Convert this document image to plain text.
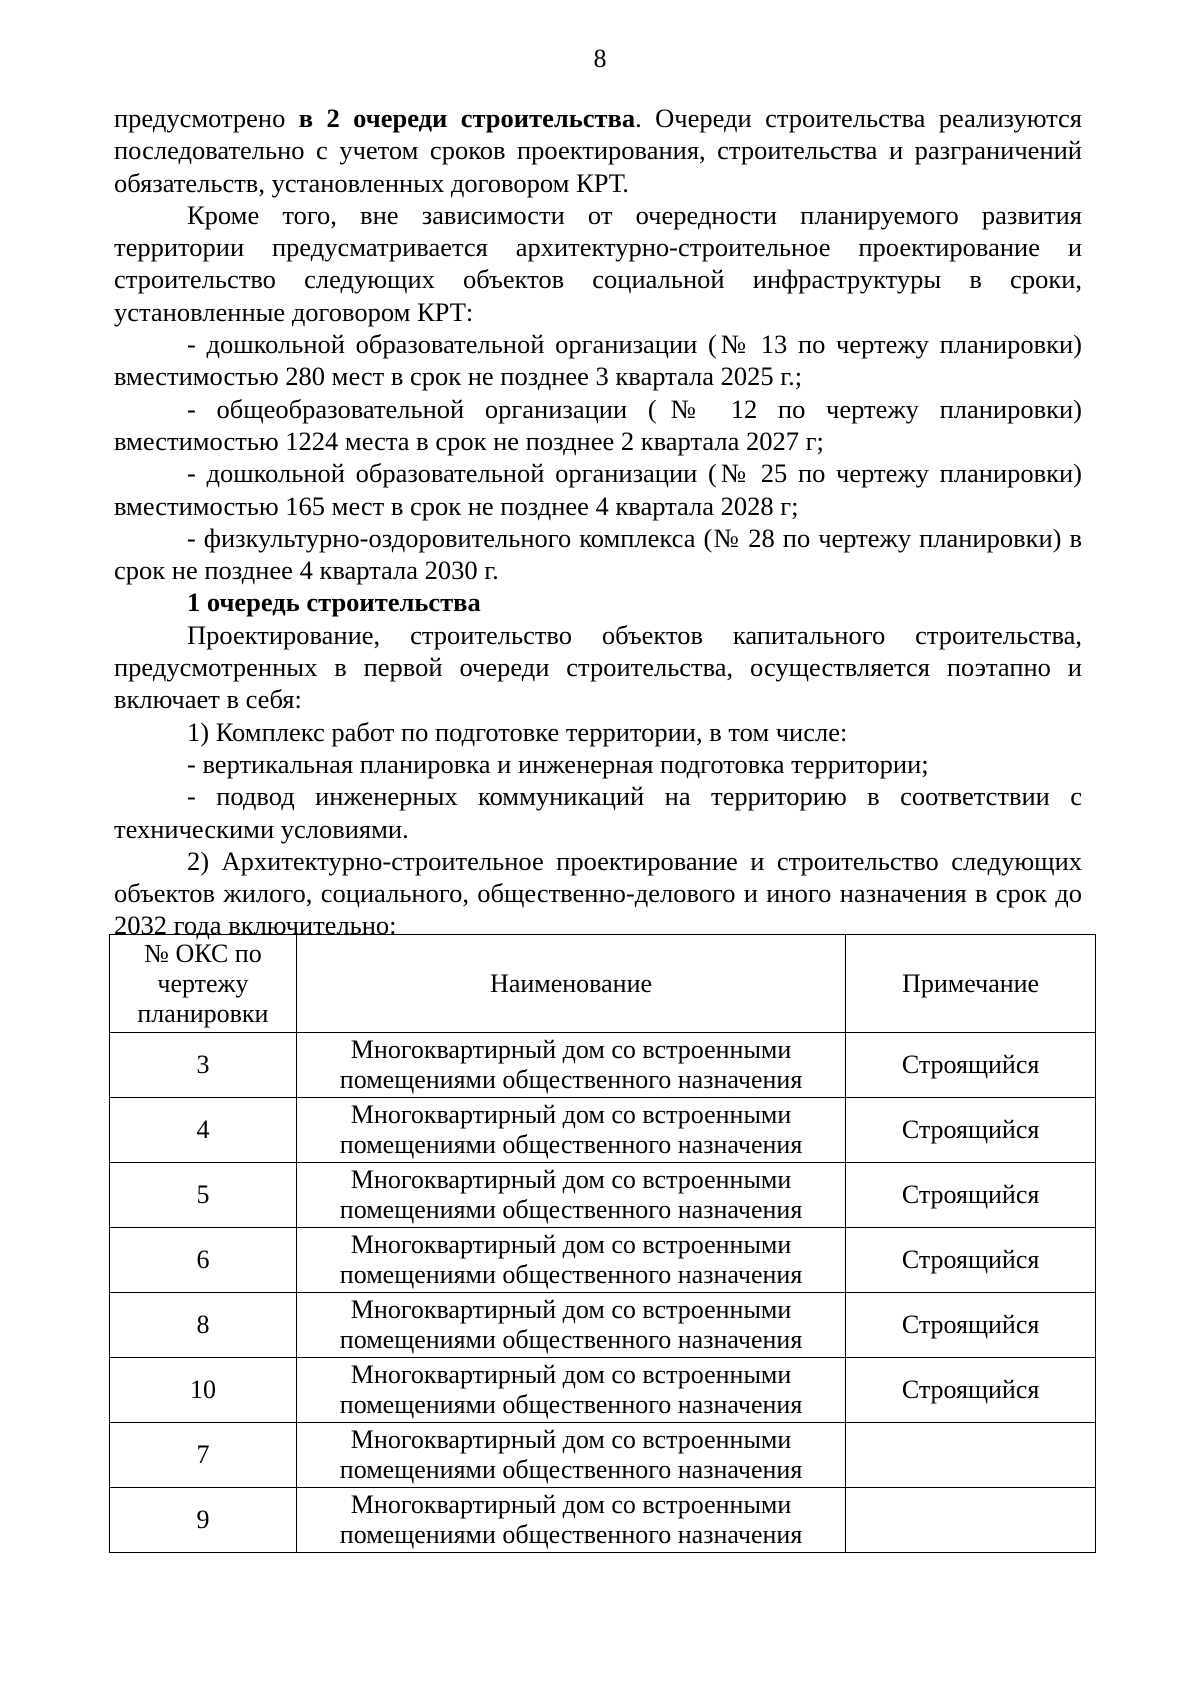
8

предусмотрено в 2 очереди строительства. Очереди строительства реализуются последовательно с учетом сроков проектирования, строительства и разграничений обязательств, установленных договором КРТ.

Кроме того, вне зависимости от очередности планируемого развития территории предусматривается архитектурно-строительное проектирование и строительство следующих объектов социальной инфраструктуры в сроки, установленные договором КРТ:

- дошкольной образовательной организации (№ 13 по чертежу планировки) вместимостью 280 мест в срок не позднее 3 квартала 2025 г.;

- общеобразовательной организации (№ 12 по чертежу планировки) вместимостью 1224 места в срок не позднее 2 квартала 2027 г;

- дошкольной образовательной организации (№ 25 по чертежу планировки) вместимостью 165 мест в срок не позднее 4 квартала 2028 г;

- физкультурно-оздоровительного комплекса (№ 28 по чертежу планировки) в срок не позднее 4 квартала 2030 г.

1 очередь строительства

Проектирование, строительство объектов капитального строительства, предусмотренных в первой очереди строительства, осуществляется поэтапно и включает в себя:

1) Комплекс работ по подготовке территории, в том числе:

- вертикальная планировка и инженерная подготовка территории;

- подвод инженерных коммуникаций на территорию в соответствии с техническими условиями.

2) Архитектурно-строительное проектирование и строительство следующих объектов жилого, социального, общественно-делового и иного назначения в срок до 2032 года включительно:

№ ОКС по чертежу планировки	Наименование	Примечание
3	Многоквартирный дом со встроенными помещениями общественного назначения	Строящийся
4	Многоквартирный дом со встроенными помещениями общественного назначения	Строящийся
5	Многоквартирный дом со встроенными помещениями общественного назначения	Строящийся
6	Многоквартирный дом со встроенными помещениями общественного назначения	Строящийся
8	Многоквартирный дом со встроенными помещениями общественного назначения	Строящийся
10	Многоквартирный дом со встроенными помещениями общественного назначения	Строящийся
7	Многоквартирный дом со встроенными помещениями общественного назначения	

9	Многоквартирный дом со встроенными помещениями общественного назначения	
